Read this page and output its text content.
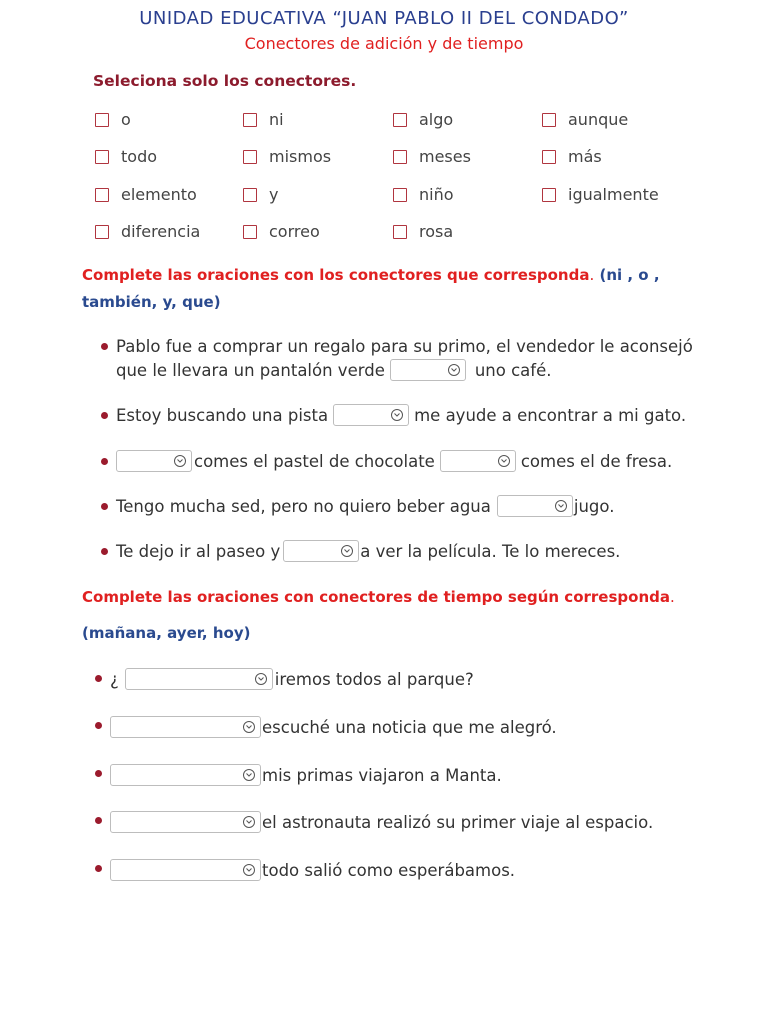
UNIDAD EDUCATIVA “JUAN PABLO II DEL CONDADO”
Conectores de adición y de tiempo
Seleciona solo los conectores.
o	ni	algo	aunque
todo	mismos	meses	más
elemento	y	niño	igualmente
diferencia	correo	rosa
Complete las oraciones con los conectores que corresponda. (ni , o , también, y, que)
Pablo fue a comprar un regalo para su primo, el vendedor le aconsejó
que le llevara un pantalón verde	uno café.
Estoy buscando una pista	me ayude a encontrar a mi gato.
comes el pastel de chocolate	comes el de fresa.
Tengo mucha sed, pero no quiero beber agua	jugo.
Te dejo ir al paseo y	a ver la película. Te lo mereces.
Complete las oraciones con conectores de tiempo según corresponda.
(mañana, ayer, hoy)
¿	iremos todos al parque?
escuché una noticia que me alegró.
mis primas viajaron a Manta.
el astronauta realizó su primer viaje al espacio.
todo salió como esperábamos.
